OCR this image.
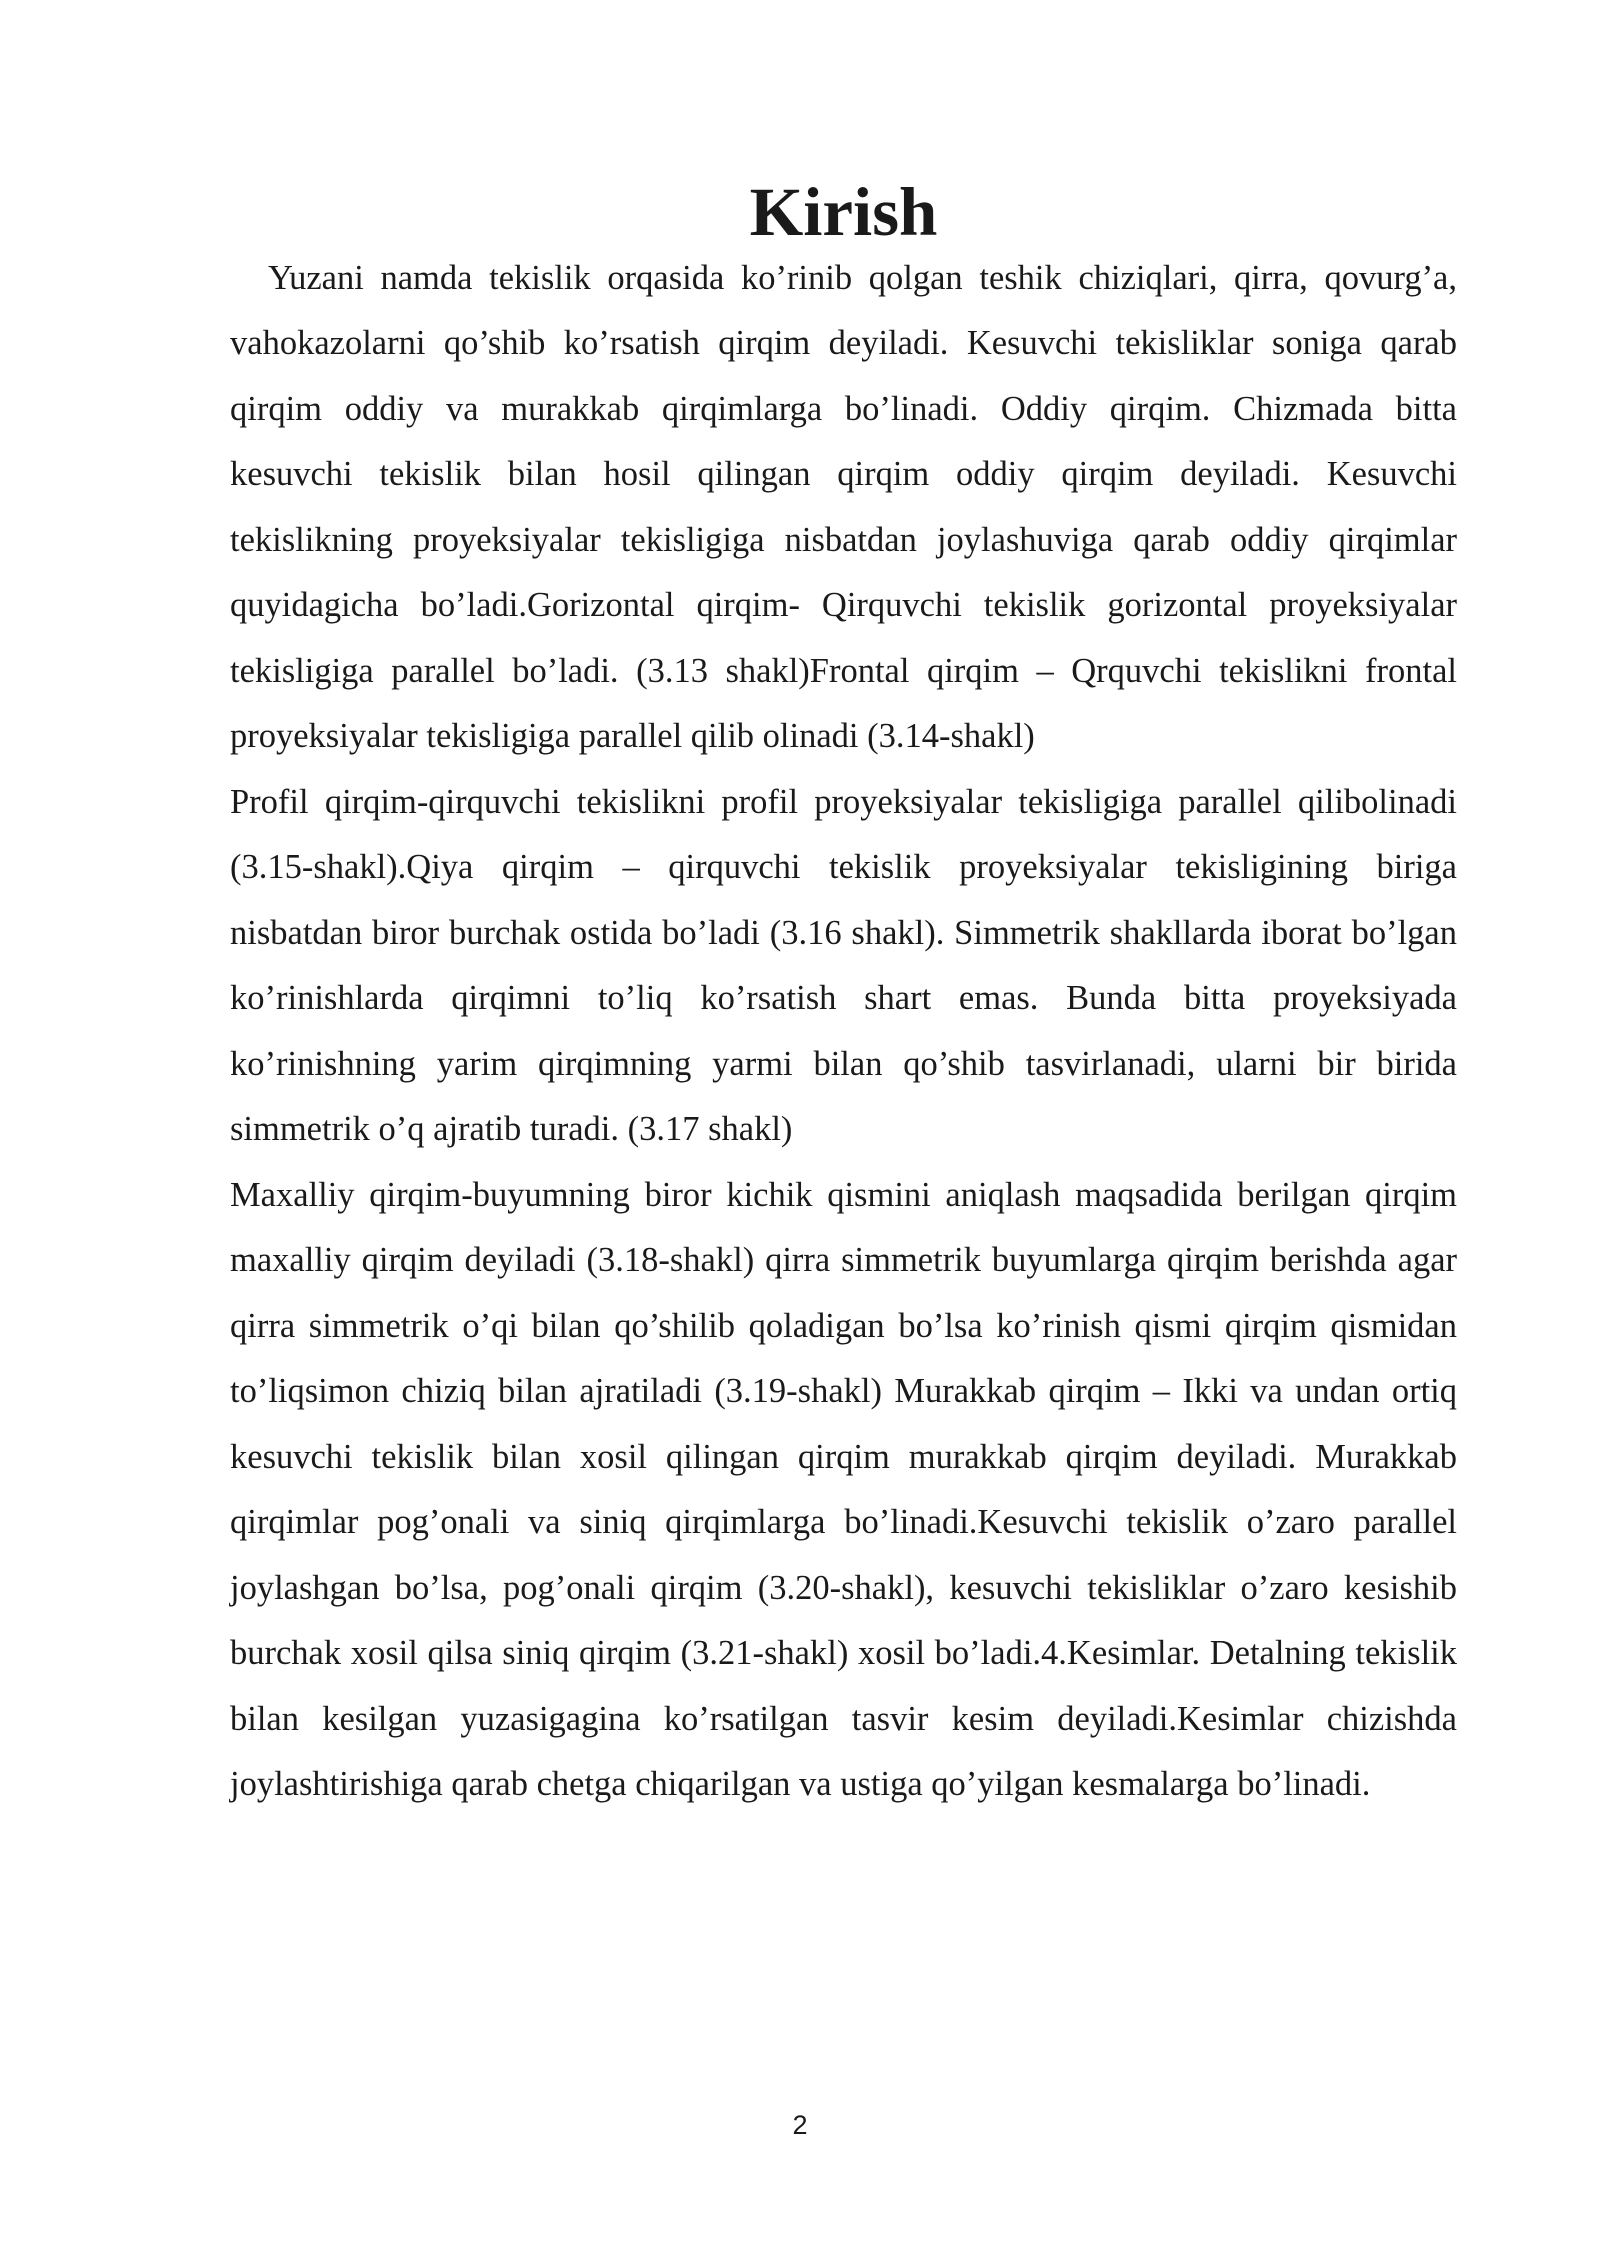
Kirish

Yuzani namda tekislik orqasida ko’rinib qolgan teshik chiziqlari, qirra, qovurg’a, vahokazolarni qo’shib ko’rsatish qirqim deyiladi. Kesuvchi tekisliklar soniga qarab qirqim oddiy va murakkab qirqimlarga bo’linadi. Oddiy qirqim. Chizmada bitta kesuvchi tekislik bilan hosil qilingan qirqim oddiy qirqim deyiladi. Kesuvchi tekislikning proyeksiyalar tekisligiga nisbatdan joylashuviga qarab oddiy qirqimlar quyidagicha bo’ladi.Gorizontal qirqim- Qirquvchi tekislik gorizontal proyeksiyalar tekisligiga parallel bo’ladi. (3.13 shakl)Frontal qirqim – Qrquvchi tekislikni frontal proyeksiyalar tekisligiga parallel qilib olinadi (3.14-shakl)

Profil qirqim-qirquvchi tekislikni profil proyeksiyalar tekisligiga parallel qilibolinadi (3.15-shakl).Qiya qirqim – qirquvchi tekislik proyeksiyalar tekisligining biriga nisbatdan biror burchak ostida bo’ladi (3.16 shakl). Simmetrik shakllarda iborat bo’lgan ko’rinishlarda qirqimni to’liq ko’rsatish shart emas. Bunda bitta proyeksiyada ko’rinishning yarim qirqimning yarmi bilan qo’shib tasvirlanadi, ularni bir birida simmetrik o’q ajratib turadi. (3.17 shakl)

Maxalliy qirqim-buyumning biror kichik qismini aniqlash maqsadida berilgan qirqim maxalliy qirqim deyiladi (3.18-shakl) qirra simmetrik buyumlarga qirqim berishda agar qirra simmetrik o’qi bilan qo’shilib qoladigan bo’lsa ko’rinish qismi qirqim qismidan to’liqsimon chiziq bilan ajratiladi (3.19-shakl) Murakkab qirqim – Ikki va undan ortiq kesuvchi tekislik bilan xosil qilingan qirqim murakkab qirqim deyiladi. Murakkab qirqimlar pog’onali va siniq qirqimlarga bo’linadi.Kesuvchi tekislik o’zaro parallel joylashgan bo’lsa, pog’onali qirqim (3.20-shakl), kesuvchi tekisliklar o’zaro kesishib burchak xosil qilsa siniq qirqim (3.21-shakl) xosil bo’ladi.4.Kesimlar. Detalning tekislik bilan kesilgan yuzasigagina ko’rsatilgan tasvir kesim deyiladi.Kesimlar chizishda joylashtirishiga qarab chetga chiqarilgan va ustiga qo’yilgan kesmalarga bo’linadi.

2
